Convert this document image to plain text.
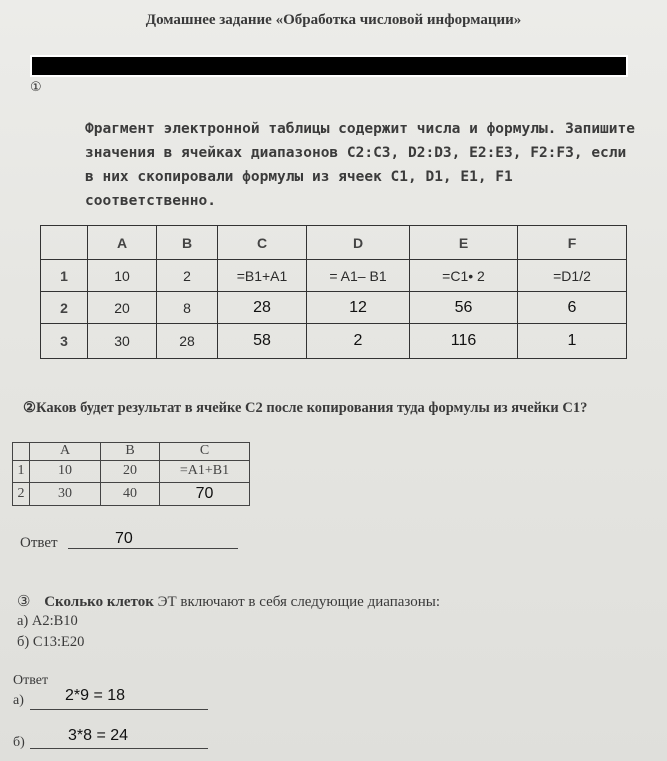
Домашнее задание «Обработка числовой информации»
①
Фрагмент электронной таблицы содержит числа и формулы. Запишите значения в ячейках диапазонов C2:C3, D2:D3, E2:E3, F2:F3, если в них скопировали формулы из ячеек C1, D1, E1, F1 соответственно.
	A	B	C	D	E	F
1	10	2	=B1+A1	= A1– B1	=C1• 2	=D1/2
2	20	8	28	12	56	6
3	30	28	58	2	116	1
②Каков будет результат в ячейке C2 после копирования туда формулы из ячейки C1?
	A	B	C
1	10	20	=A1+B1
2	30	40	70
Ответ	70
③ Сколько клеток ЭТ включают в себя следующие диапазоны:
а) A2:B10
б) C13:E20
Ответ
а)	2*9 = 18
б)	3*8 = 24
